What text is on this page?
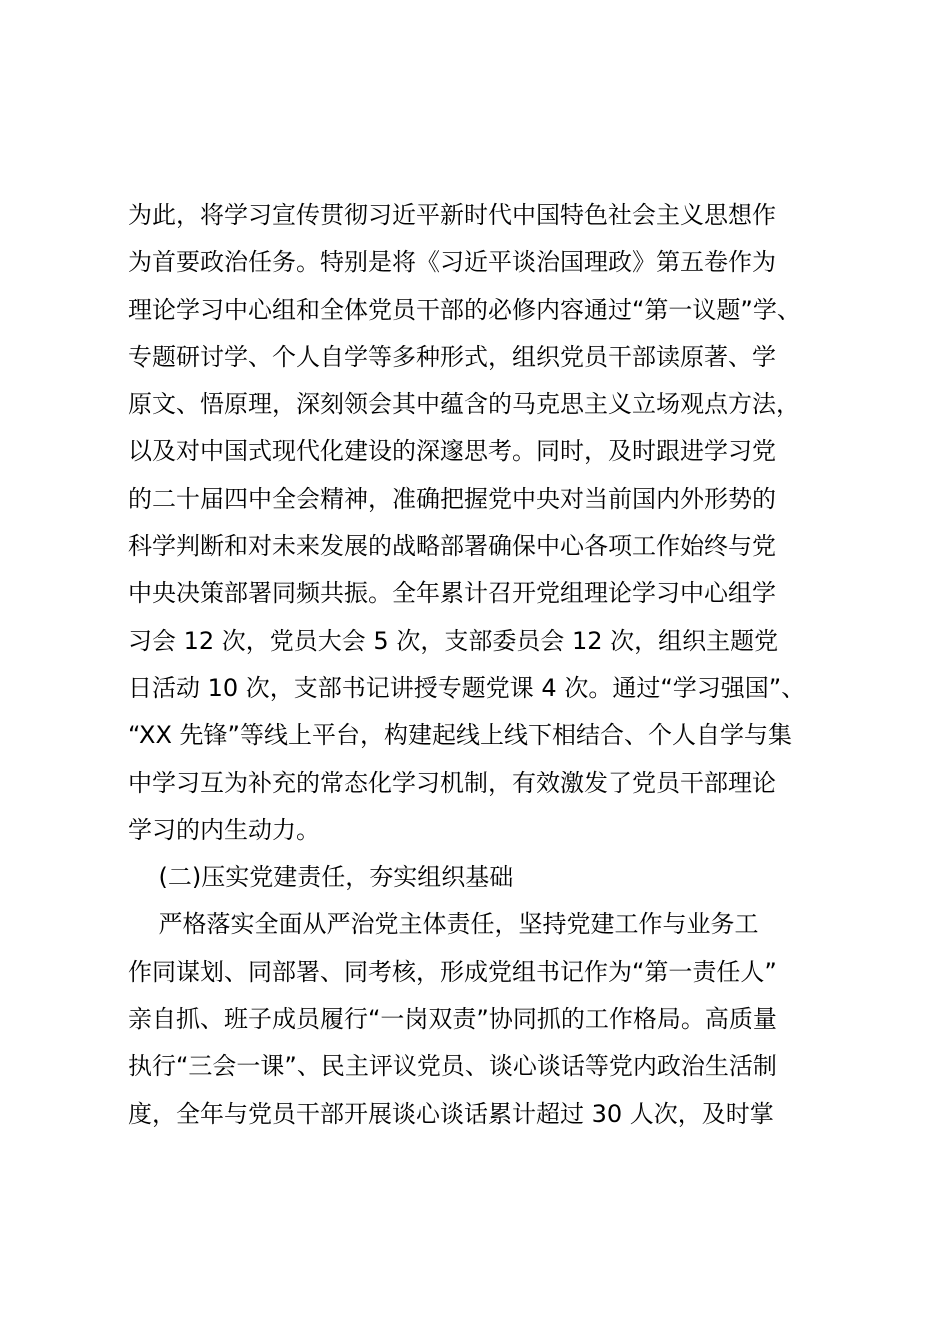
为此，将学习宣传贯彻习近平新时代中国特色社会主义思想作
为首要政治任务。特别是将《习近平谈治国理政》第五卷作为
理论学习中心组和全体党员干部的必修内容通过“第一议题”学、
专题研讨学、个人自学等多种形式，组织党员干部读原著、学
原文、悟原理，深刻领会其中蕴含的马克思主义立场观点方法，
以及对中国式现代化建设的深邃思考。同时，及时跟进学习党
的二十届四中全会精神，准确把握党中央对当前国内外形势的
科学判断和对未来发展的战略部署确保中心各项工作始终与党
中央决策部署同频共振。全年累计召开党组理论学习中心组学
习会 12 次，党员大会 5 次，支部委员会 12 次，组织主题党
日活动 10 次，支部书记讲授专题党课 4 次。通过“学习强国”、
“XX 先锋”等线上平台，构建起线上线下相结合、个人自学与集
中学习互为补充的常态化学习机制，有效激发了党员干部理论
学习的内生动力。
(二)压实党建责任，夯实组织基础
严格落实全面从严治党主体责任，坚持党建工作与业务工
作同谋划、同部署、同考核，形成党组书记作为“第一责任人”
亲自抓、班子成员履行“一岗双责”协同抓的工作格局。高质量
执行“三会一课”、民主评议党员、谈心谈话等党内政治生活制
度，全年与党员干部开展谈心谈话累计超过 30 人次，及时掌
